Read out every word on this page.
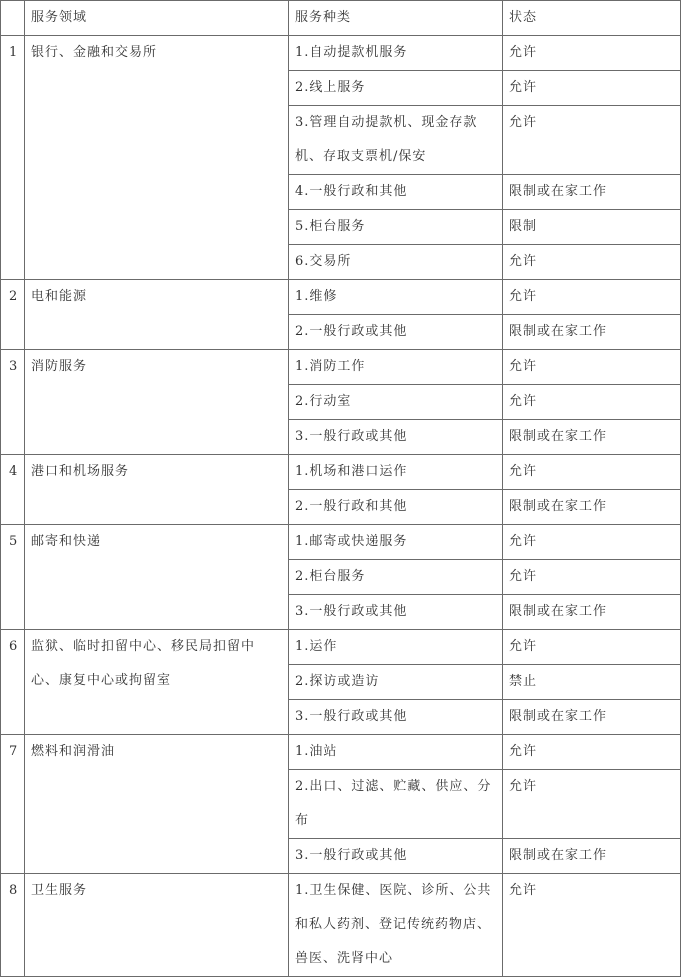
	服务领域	服务种类	状态
1	银行、金融和交易所	1.自动提款机服务	允许
		2.线上服务	允许
		3.管理自动提款机、现金存款机、存取支票机/保安	允许
		4.一般行政和其他	限制或在家工作
		5.柜台服务	限制
		6.交易所	允许
2	电和能源	1.维修	允许
		2.一般行政或其他	限制或在家工作
3	消防服务	1.消防工作	允许
		2.行动室	允许
		3.一般行政或其他	限制或在家工作
4	港口和机场服务	1.机场和港口运作	允许
		2.一般行政和其他	限制或在家工作
5	邮寄和快递	1.邮寄或快递服务	允许
		2.柜台服务	允许
		3.一般行政或其他	限制或在家工作
6	监狱、临时扣留中心、移民局扣留中心、康复中心或拘留室	1.运作	允许
		2.探访或造访	禁止
		3.一般行政或其他	限制或在家工作
7	燃料和润滑油	1.油站	允许
		2.出口、过滤、贮藏、供应、分布	允许
		3.一般行政或其他	限制或在家工作
8	卫生服务	1.卫生保健、医院、诊所、公共和私人药剂、登记传统药物店、兽医、洗肾中心	允许
